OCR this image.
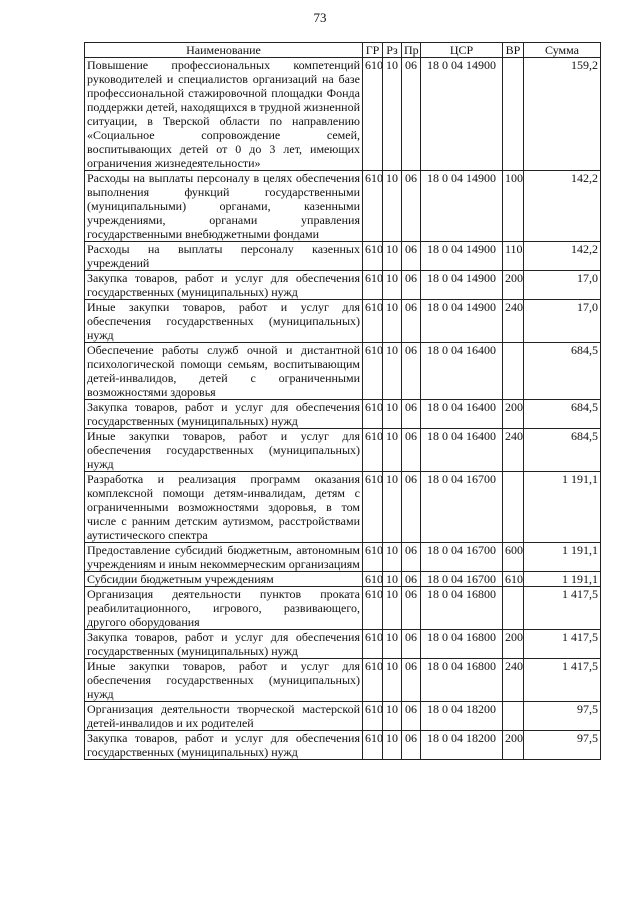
73
Наименование	ГР	Рз	Пр	ЦСР	ВР	Сумма
Повышение профессиональных компетенций руководителей и специалистов организаций на базе профессиональной стажировочной площадки Фонда поддержки детей, находящихся в трудной жизненной ситуации, в Тверской области по направлению «Социальное сопровождение семей, воспитывающих детей от 0 до 3 лет, имеющих ограничения жизнедеятельности»	610	10	06	18 0 04 14900		159,2
Расходы на выплаты персоналу в целях обеспечения выполнения функций государственными (муниципальными) органами, казенными учреждениями, органами управления государственными внебюджетными фондами	610	10	06	18 0 04 14900	100	142,2
Расходы на выплаты персоналу казенных учреждений	610	10	06	18 0 04 14900	110	142,2
Закупка товаров, работ и услуг для обеспечения государственных (муниципальных) нужд	610	10	06	18 0 04 14900	200	17,0
Иные закупки товаров, работ и услуг для обеспечения государственных (муниципальных) нужд	610	10	06	18 0 04 14900	240	17,0
Обеспечение работы служб очной и дистантной психологической помощи семьям, воспитывающим детей-инвалидов, детей с ограниченными возможностями здоровья	610	10	06	18 0 04 16400		684,5
Закупка товаров, работ и услуг для обеспечения государственных (муниципальных) нужд	610	10	06	18 0 04 16400	200	684,5
Иные закупки товаров, работ и услуг для обеспечения государственных (муниципальных) нужд	610	10	06	18 0 04 16400	240	684,5
Разработка и реализация программ оказания комплексной помощи детям-инвалидам, детям с ограниченными возможностями здоровья, в том числе с ранним детским аутизмом, расстройствами аутистического спектра	610	10	06	18 0 04 16700		1 191,1
Предоставление субсидий бюджетным, автономным учреждениям и иным некоммерческим организациям	610	10	06	18 0 04 16700	600	1 191,1
Субсидии бюджетным учреждениям	610	10	06	18 0 04 16700	610	1 191,1
Организация деятельности пунктов проката реабилитационного, игрового, развивающего, другого оборудования	610	10	06	18 0 04 16800		1 417,5
Закупка товаров, работ и услуг для обеспечения государственных (муниципальных) нужд	610	10	06	18 0 04 16800	200	1 417,5
Иные закупки товаров, работ и услуг для обеспечения государственных (муниципальных) нужд	610	10	06	18 0 04 16800	240	1 417,5
Организация деятельности творческой мастерской детей-инвалидов и их родителей	610	10	06	18 0 04 18200		97,5
Закупка товаров, работ и услуг для обеспечения государственных (муниципальных) нужд	610	10	06	18 0 04 18200	200	97,5
